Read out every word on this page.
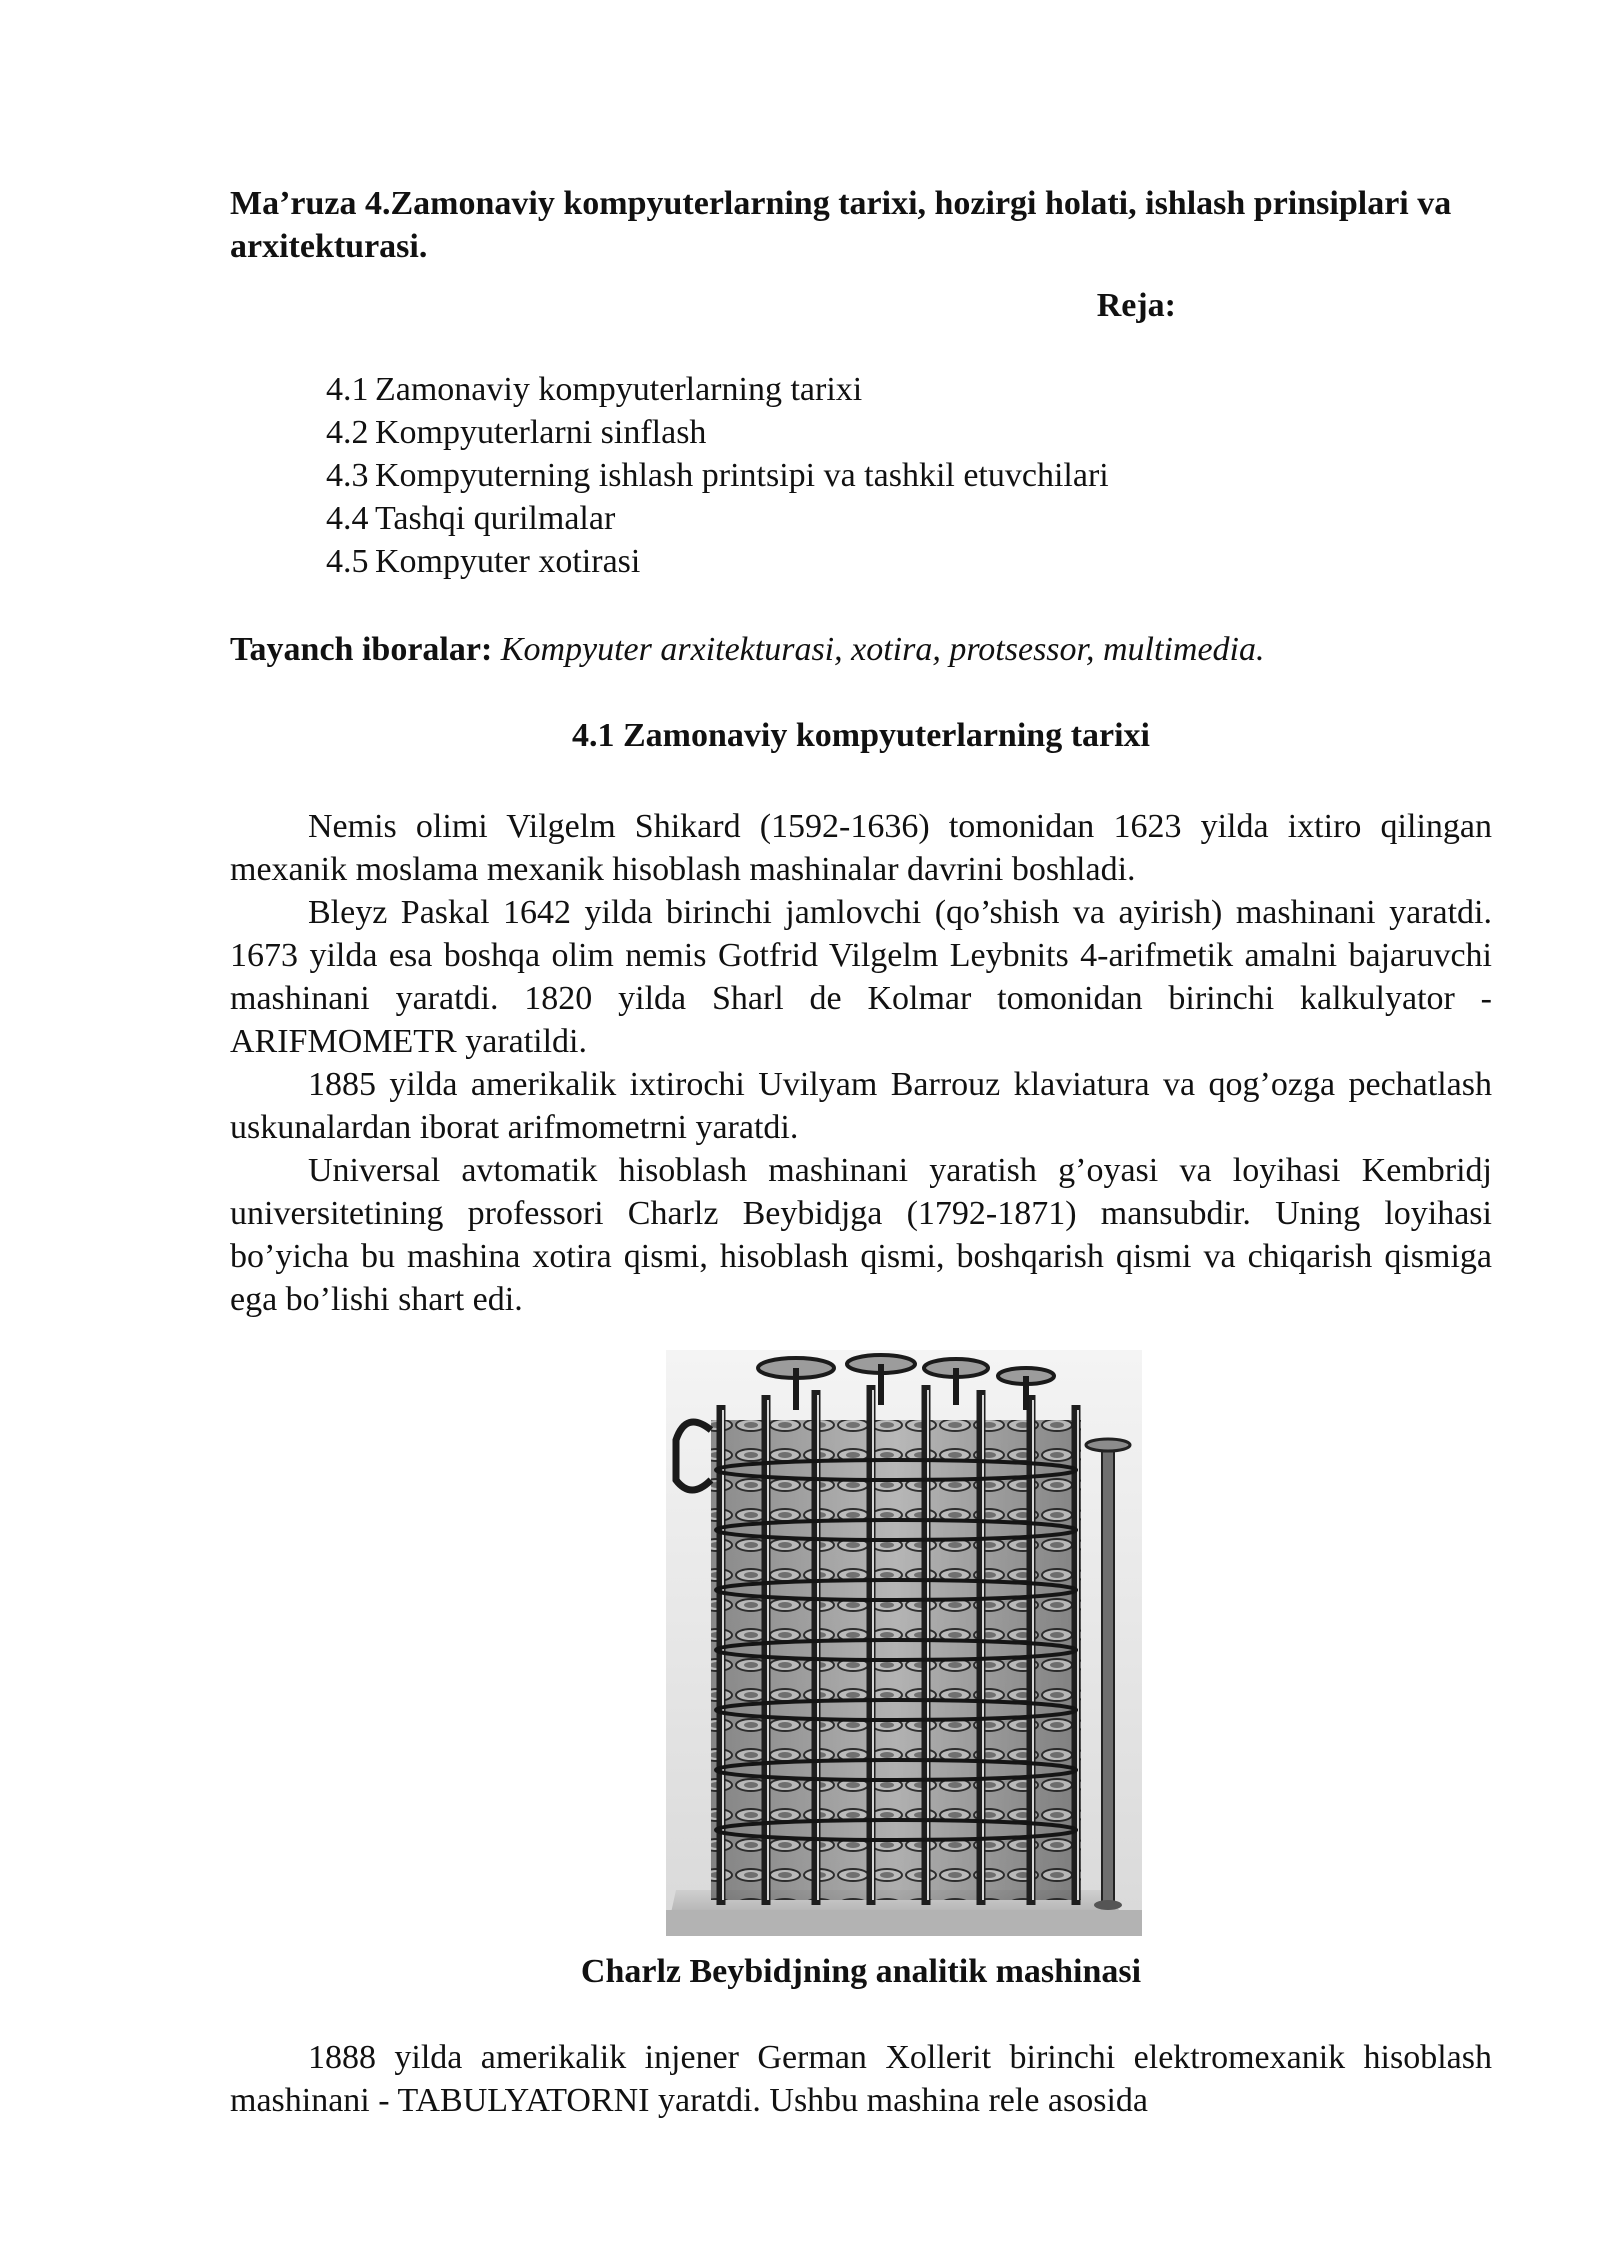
Ma’ruza 4.Zamonaviy kompyuterlarning tarixi, hozirgi holati, ishlash prinsiplari va arxitekturasi.
Reja:
4.1 Zamonaviy kompyuterlarning tarixi
4.2 Kompyuterlarni sinflash
4.3 Kompyuterning ishlash printsipi va tashkil etuvchilari
4.4 Tashqi qurilmalar
4.5 Kompyuter xotirasi
Tayanch iboralar: Kompyuter arxitekturasi, xotira, protsessor, multimedia.
4.1 Zamonaviy kompyuterlarning tarixi

Nemis olimi Vilgelm Shikard (1592-1636) tomonidan 1623 yilda ixtiro qilingan mexanik moslama mexanik hisoblash mashinalar davrini boshladi.

Bleyz Paskal 1642 yilda birinchi jamlovchi (qo’shish va ayirish) mashinani yaratdi. 1673 yilda esa boshqa olim nemis Gotfrid Vilgelm Leybnits 4-arifmetik amalni bajaruvchi mashinani yaratdi. 1820 yilda Sharl de Kolmar tomonidan birinchi kalkulyator - ARIFMOMETR yaratildi.

1885 yilda amerikalik ixtirochi Uvilyam Barrouz klaviatura va qog’ozga pechatlash uskunalardan iborat arifmometrni yaratdi.

Universal avtomatik hisoblash mashinani yaratish g’oyasi va loyihasi Kembridj universitetining professori Charlz Beybidjga (1792-1871) mansubdir. Uning loyihasi bo’yicha bu mashina xotira qismi, hisoblash qismi, boshqarish qismi va chiqarish qismiga ega bo’lishi shart edi.

Charlz Beybidjning analitik mashinasi

1888 yilda amerikalik injener German Xollerit birinchi elektromexanik hisoblash mashinani - TABULYATORNI yaratdi. Ushbu mashina rele asosida
